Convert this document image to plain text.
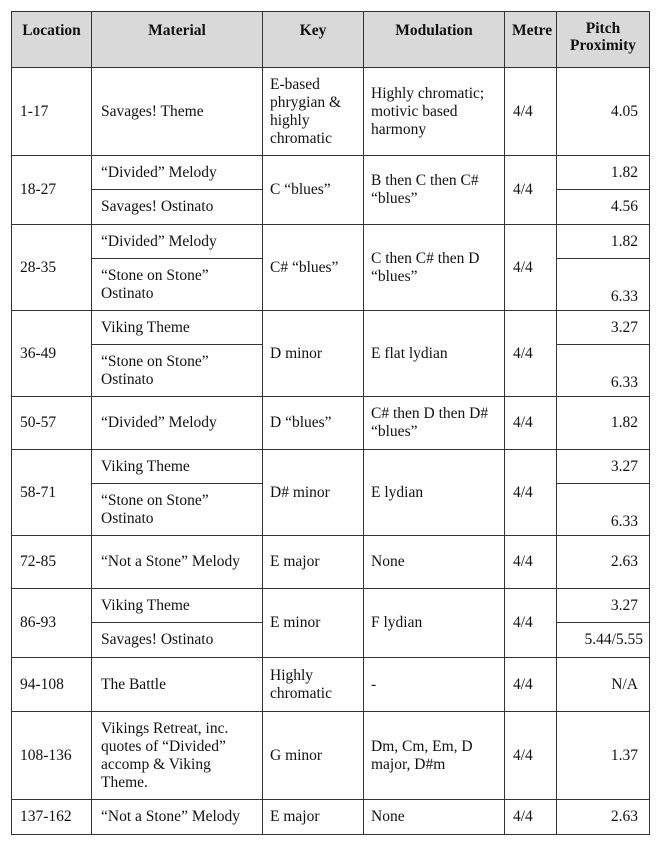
Location	Material	Key	Modulation	Metre	Pitch
Proximity
1-17	Savages! Theme	E-based phrygian & highly chromatic	Highly chromatic; motivic based harmony	4/4	4.05
18-27	“Divided” Melody	C “blues”	B then C then C# “blues”	4/4	1.82
	Savages! Ostinato				4.56
28-35	“Divided” Melody	C# “blues”	C then C# then D “blues”	4/4	1.82
	“Stone on Stone” Ostinato				6.33
36-49	Viking Theme	D minor	E flat lydian	4/4	3.27
	“Stone on Stone” Ostinato				6.33
50-57	“Divided” Melody	D “blues”	C# then D then D# “blues”	4/4	1.82
58-71	Viking Theme	D# minor	E lydian	4/4	3.27
	“Stone on Stone” Ostinato				6.33
72-85	“Not a Stone” Melody	E major	None	4/4	2.63
86-93	Viking Theme	E minor	F lydian	4/4	3.27
	Savages! Ostinato				5.44/5.55
94-108	The Battle	Highly chromatic	-	4/4	N/A
108-136	Vikings Retreat, inc. quotes of “Divided” accomp & Viking Theme.	G minor	Dm, Cm, Em, D major, D#m	4/4	1.37
137-162	“Not a Stone” Melody	E major	None	4/4	2.63
